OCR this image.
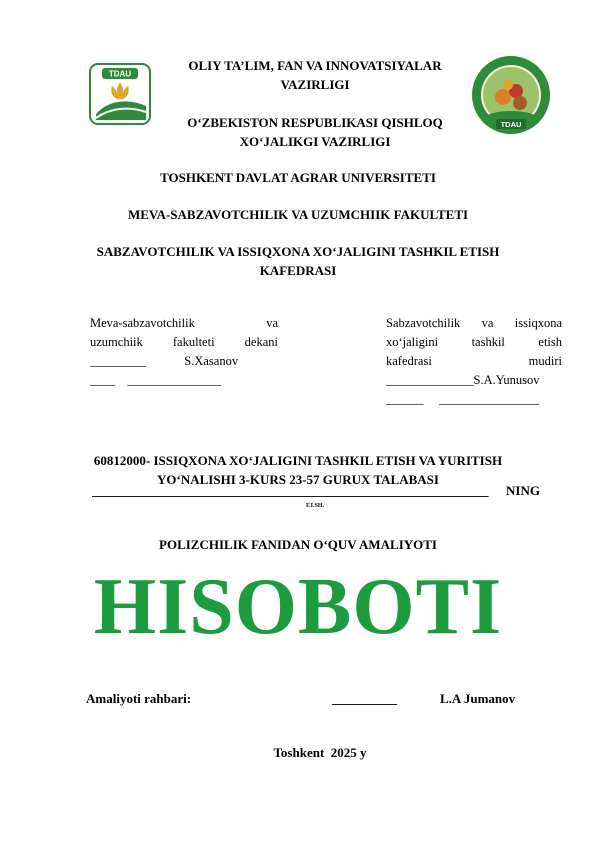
TDAU
TDAU
OLIY TA’LIM, FAN VA INNOVATSIYALAR
VAZIRLIGI
O‘ZBEKISTON RESPUBLIKASI QISHLOQ
XO‘JALIKGI VAZIRLIGI
TOSHKENT DAVLAT AGRAR UNIVERSITETI
MEVA-SABZAVOTCHILIK VA UZUMCHIIK FAKULTETI
SABZAVOTCHILIK VA ISSIQXONA XO‘JALIGINI TASHKIL ETISH
KAFEDRASI
Meva-sabzavotchilik	va
uzumchiik fakulteti dekani
_________	S.Xasanov
____    _______________
Sabzavotchilik va issiqxona
xo‘jaligini	tashkil	etish
kafedrasi	mudiri
______________S.A.Yunusov
______     ________________
60812000- ISSIQXONA XO‘JALIGINI TASHKIL ETISH VA YURITISH
YO‘NALISHI 3-KURS 23-57 GURUX TALABASI
_____________________________________________________________ NING
F.I.SH.
POLIZCHILIK FANIDAN O‘QUV AMALIYOTI
HISOBOTI
Amaliyoti rahbari:	__________	L.A Jumanov
Toshkent  2025 y
